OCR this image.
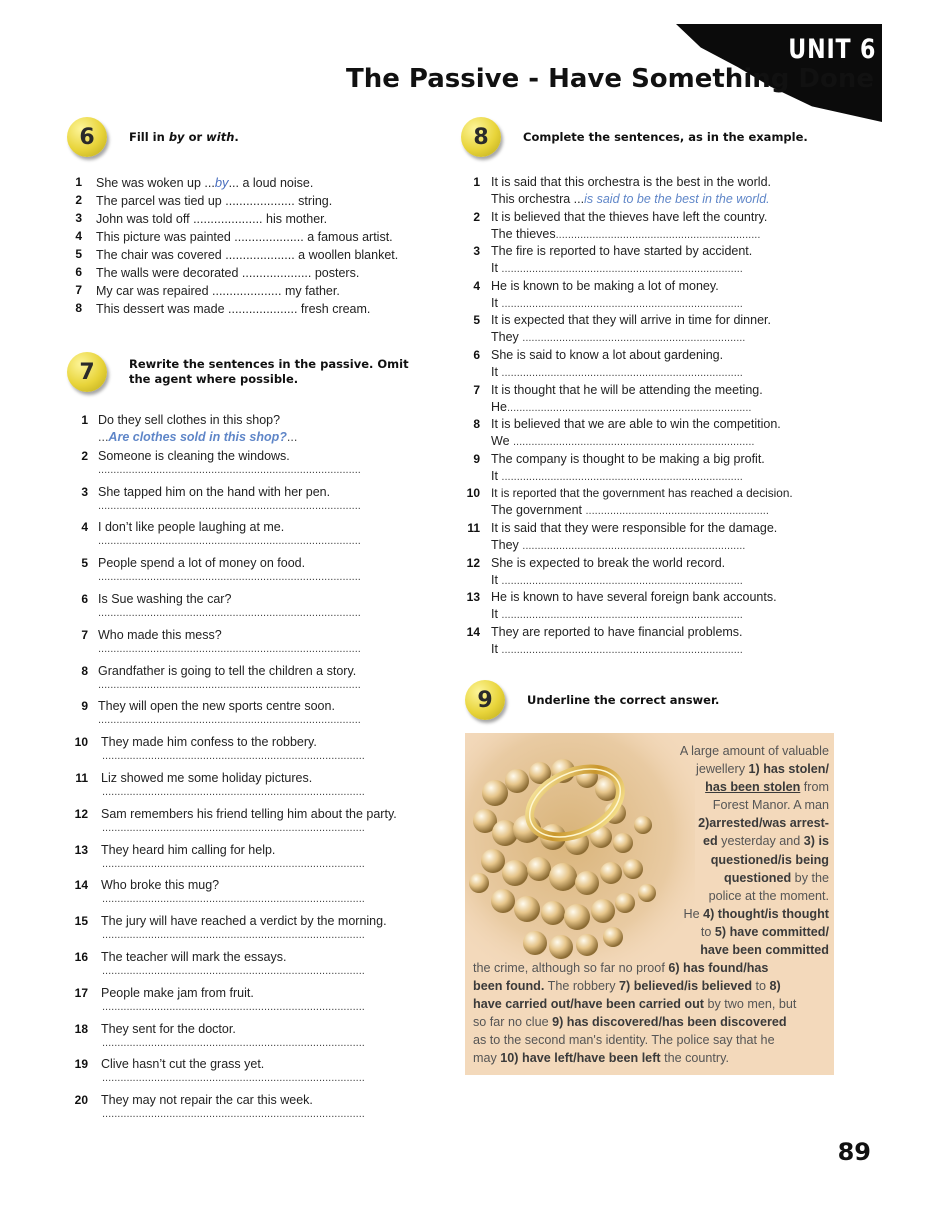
UNIT 6
The Passive - Have Something Done
6	Fill in by or with.
1 She was woken up ...by... a loud noise.
2 The parcel was tied up .................... string.
3 John was told off .................... his mother.
4 This picture was painted .................... a famous artist.
5 The chair was covered .................... a woollen blanket.
6 The walls were decorated .................... posters.
7 My car was repaired .................... my father.
8 This dessert was made .................... fresh cream.
7	Rewrite the sentences in the passive. Omit
the agent where possible.
1 Do they sell clothes in this shop?
...Are clothes sold in this shop?...
2 Someone is cleaning the windows.
......................................................................................
3 She tapped him on the hand with her pen.
......................................................................................
4 I don’t like people laughing at me.
......................................................................................
5 People spend a lot of money on food.
......................................................................................
6 Is Sue washing the car?
......................................................................................
7 Who made this mess?
......................................................................................
8 Grandfather is going to tell the children a story.
......................................................................................
9 They will open the new sports centre soon.
......................................................................................
10 They made him confess to the robbery.
......................................................................................
11 Liz showed me some holiday pictures.
......................................................................................
12 Sam remembers his friend telling him about the party.
......................................................................................
13 They heard him calling for help.
......................................................................................
14 Who broke this mug?
......................................................................................
15 The jury will have reached a verdict by the morning.
......................................................................................
16 The teacher will mark the essays.
......................................................................................
17 People make jam from fruit.
......................................................................................
18 They sent for the doctor.
......................................................................................
19 Clive hasn’t cut the grass yet.
......................................................................................
20 They may not repair the car this week.
......................................................................................
8	Complete the sentences, as in the example.
1 It is said that this orchestra is the best in the world.
This orchestra ...is said to be the best in the world.
2 It is believed that the thieves have left the country.
The thieves...................................................................
3 The fire is reported to have started by accident.
It ...............................................................................
4 He is known to be making a lot of money.
It ...............................................................................
5 It is expected that they will arrive in time for dinner.
They .........................................................................
6 She is said to know a lot about gardening.
It ...............................................................................
7 It is thought that he will be attending the meeting.
He................................................................................
8 It is believed that we are able to win the competition.
We ...............................................................................
9 The company is thought to be making a big profit.
It ...............................................................................
10 It is reported that the government has reached a decision.
The government ............................................................
11 It is said that they were responsible for the damage.
They .........................................................................
12 She is expected to break the world record.
It ...............................................................................
13 He is known to have several foreign bank accounts.
It ...............................................................................
14 They are reported to have financial problems.
It ...............................................................................
9	Underline the correct answer.
A large amount of valuable
jewellery 1) has stolen/
has been stolen from
Forest Manor. A man
2)arrested/was arrest-
ed yesterday and 3) is
questioned/is being
questioned by the
police at the moment.
He 4) thought/is thought
to 5) have committed/
have been committed
the crime, although so far no proof 6) has found/has
been found. The robbery 7) believed/is believed to 8)
have carried out/have been carried out by two men, but
so far no clue 9) has discovered/has been discovered
as to the second man's identity. The police say that he
may 10) have left/have been left the country.
89
